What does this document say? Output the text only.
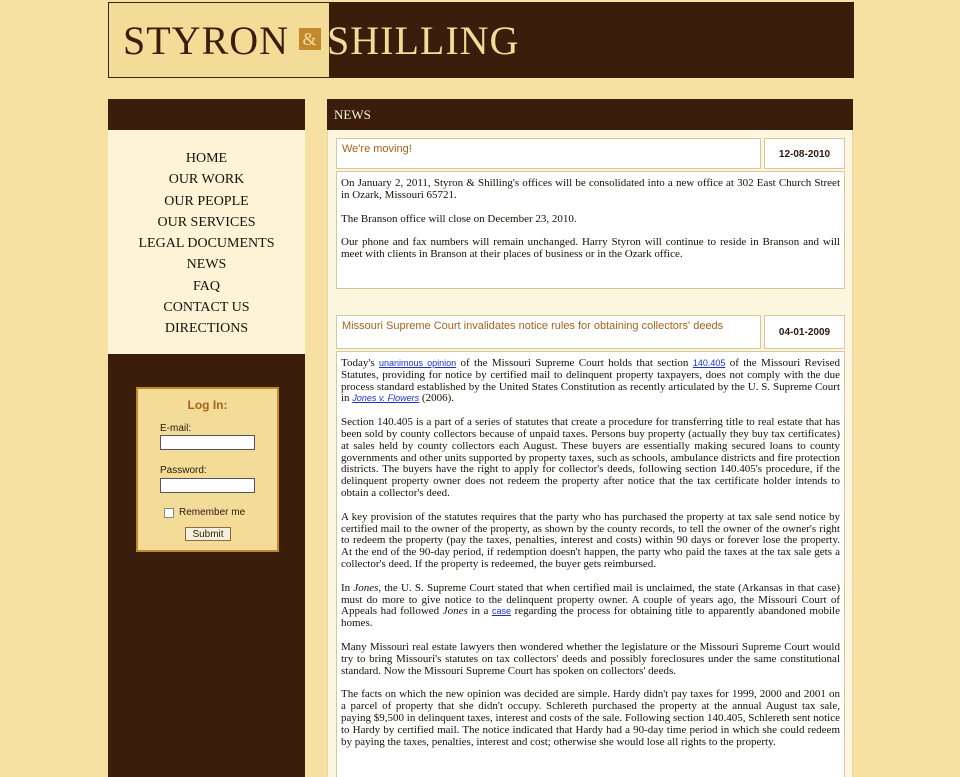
STYRON & SHILLING
HOME
OUR WORK
OUR PEOPLE
OUR SERVICES
LEGAL DOCUMENTS
NEWS
FAQ
CONTACT US
DIRECTIONS
Log In:
E-mail:
Password:
Remember me
Submit
NEWS
We're moving!	12-08-2010

On January 2, 2011, Styron & Shilling's offices will be consolidated into a new office at 302 East Church Street in Ozark, Missouri 65721.

The Branson office will close on December 23, 2010.

Our phone and fax numbers will remain unchanged. Harry Styron will continue to reside in Branson and will meet with clients in Branson at their places of business or in the Ozark office.

Missouri Supreme Court invalidates notice rules for obtaining collectors' deeds
04-01-2009

Today's unanimous opinion of the Missouri Supreme Court holds that section 140.405 of the Missouri Revised Statutes, providing for notice by certified mail to delinquent property taxpayers, does not comply with the due process standard established by the United States Constitution as recently articulated by the U. S. Supreme Court in Jones v. Flowers (2006).

Section 140.405 is a part of a series of statutes that create a procedure for transferring title to real estate that has been sold by county collectors because of unpaid taxes. Persons buy property (actually they buy tax certificates) at sales held by county collectors each August. These buyers are essentially making secured loans to county governments and other units supported by property taxes, such as schools, ambulance districts and fire protection districts. The buyers have the right to apply for collector's deeds, following section 140.405's procedure, if the delinquent property owner does not redeem the property after notice that the tax certificate holder intends to obtain a collector's deed.

A key provision of the statutes requires that the party who has purchased the property at tax sale send notice by certified mail to the owner of the property, as shown by the county records, to tell the owner of the owner's right to redeem the property (pay the taxes, penalties, interest and costs) within 90 days or forever lose the property. At the end of the 90-day period, if redemption doesn't happen, the party who paid the taxes at the tax sale gets a collector's deed. If the property is redeemed, the buyer gets reimbursed.

In Jones, the U. S. Supreme Court stated that when certified mail is unclaimed, the state (Arkansas in that case) must do more to give notice to the delinquent property owner. A couple of years ago, the Missouri Court of Appeals had followed Jones in a case regarding the process for obtaining title to apparently abandoned mobile homes.

Many Missouri real estate lawyers then wondered whether the legislature or the Missouri Supreme Court would try to bring Missouri's statutes on tax collectors' deeds and possibly foreclosures under the same constitutional standard. Now the Missouri Supreme Court has spoken on collectors' deeds.

The facts on which the new opinion was decided are simple. Hardy didn't pay taxes for 1999, 2000 and 2001 on a parcel of property that she didn't occupy. Schlereth purchased the property at the annual August tax sale, paying $9,500 in delinquent taxes, interest and costs of the sale. Following section 140.405, Schlereth sent notice to Hardy by certified mail. The notice indicated that Hardy had a 90-day time period in which she could redeem by paying the taxes, penalties, interest and cost; otherwise she would lose all rights to the property.
